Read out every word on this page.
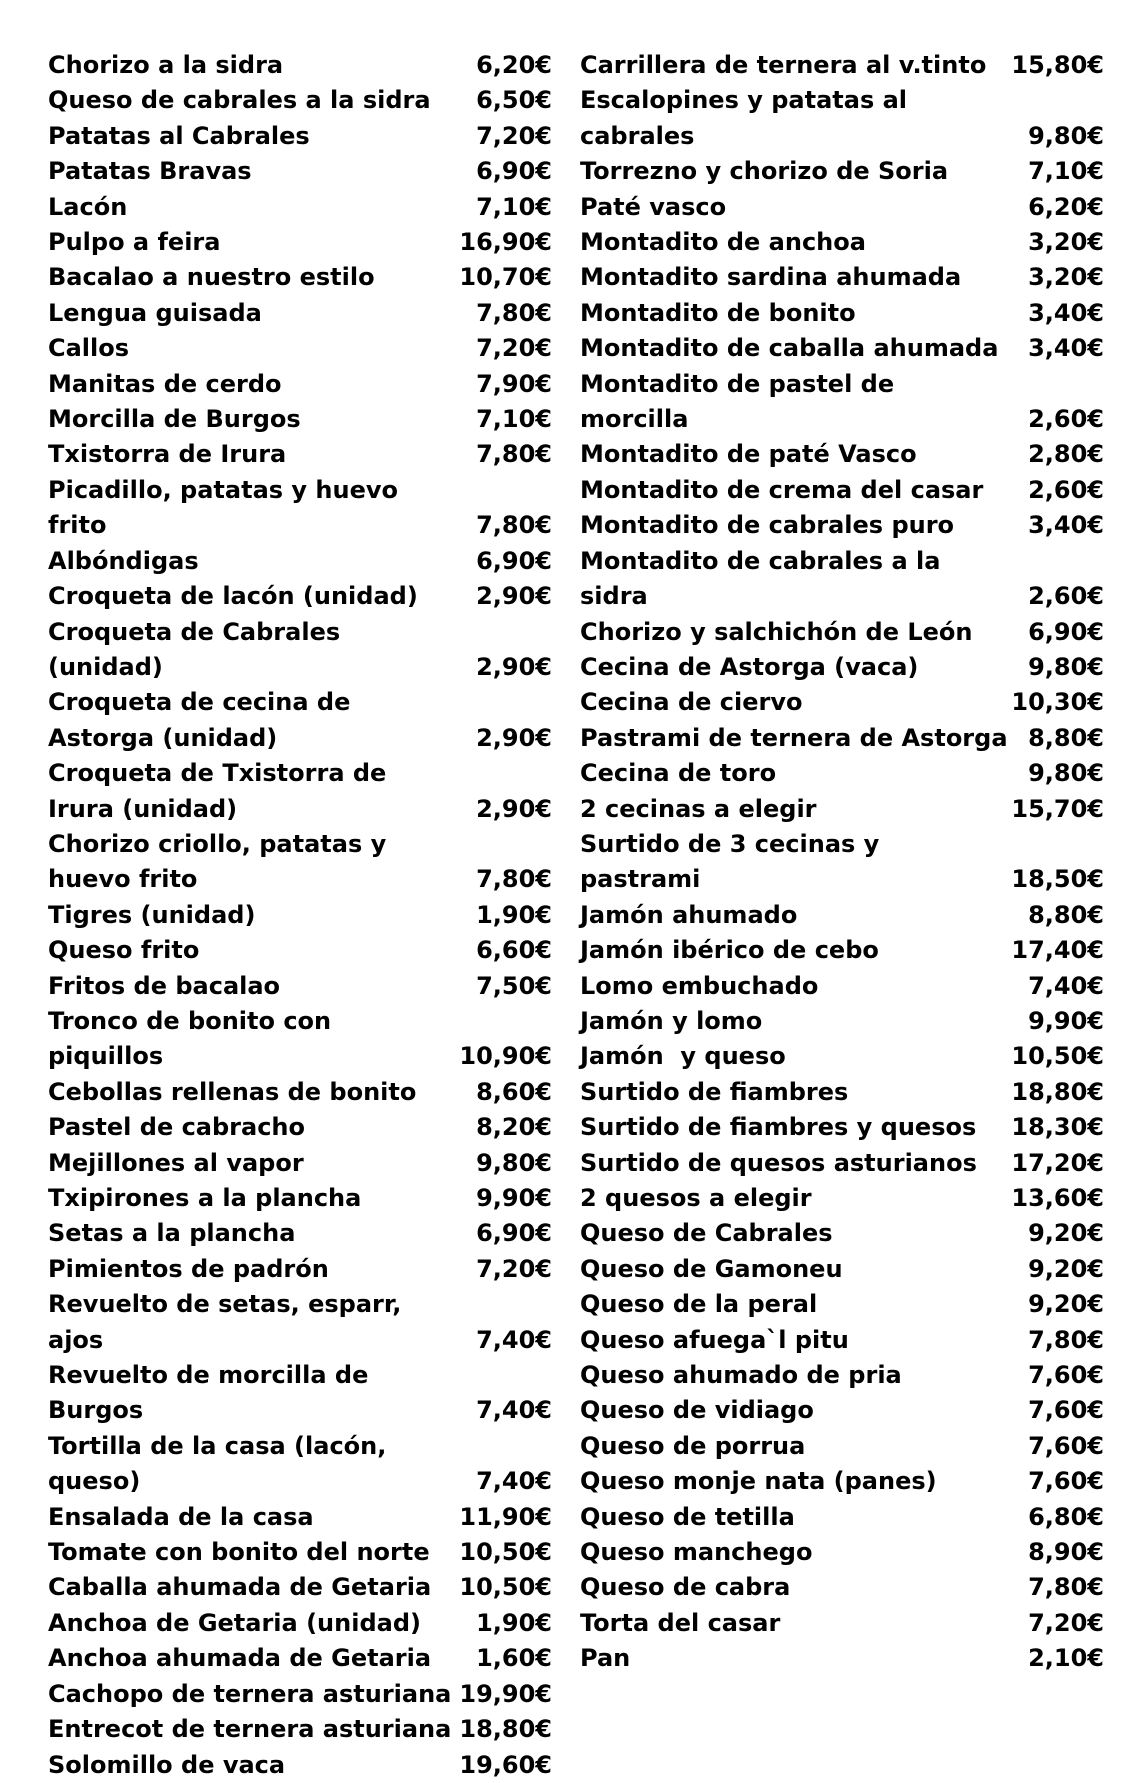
Chorizo a la sidra	6,20€
Queso de cabrales a la sidra	6,50€
Patatas al Cabrales	7,20€
Patatas Bravas	6,90€
Lacón	7,10€
Pulpo a feira	16,90€
Bacalao a nuestro estilo	10,70€
Lengua guisada	7,80€
Callos	7,20€
Manitas de cerdo	7,90€
Morcilla de Burgos	7,10€
Txistorra de Irura	7,80€
Picadillo, patatas y huevo frito	7,80€
Albóndigas	6,90€
Croqueta de lacón (unidad)	2,90€
Croqueta de Cabrales (unidad)	2,90€
Croqueta de cecina de
Astorga (unidad)	2,90€
Croqueta de Txistorra de
Irura (unidad)	2,90€
Chorizo criollo, patatas y
huevo frito	7,80€
Tigres (unidad)	1,90€
Queso frito	6,60€
Fritos de bacalao	7,50€
Tronco de bonito con piquillos	10,90€
Cebollas rellenas de bonito	8,60€
Pastel de cabracho	8,20€
Mejillones al vapor	9,80€
Txipirones a la plancha	9,90€
Setas a la plancha	6,90€
Pimientos de padrón	7,20€
Revuelto de setas, esparr, ajos	7,40€
Revuelto de morcilla de Burgos	7,40€
Tortilla de la casa (lacón, queso)	7,40€
Ensalada de la casa	11,90€
Tomate con bonito del norte	10,50€
Caballa ahumada de Getaria	10,50€
Anchoa de Getaria (unidad)	1,90€
Anchoa ahumada de Getaria	1,60€
Cachopo de ternera asturiana 19,90€
Entrecot de ternera asturiana 18,80€
Solomillo de vaca	19,60€
Carrillera de ternera al v.tinto	15,80€
Escalopines y patatas al cabrales	9,80€
Torrezno y chorizo de Soria	7,10€
Paté vasco	6,20€
Montadito de anchoa	3,20€
Montadito sardina ahumada	3,20€
Montadito de bonito	3,40€
Montadito de caballa ahumada	3,40€
Montadito de pastel de morcilla	2,60€
Montadito de paté Vasco	2,80€
Montadito de crema del casar	2,60€
Montadito de cabrales puro	3,40€
Montadito de cabrales a la sidra	2,60€
Chorizo y salchichón de León	6,90€
Cecina de Astorga (vaca)	9,80€
Cecina de ciervo	10,30€
Pastrami de ternera de Astorga 8,80€
Cecina de toro	9,80€
2 cecinas a elegir	15,70€
Surtido de 3 cecinas y pastrami	18,50€
Jamón ahumado	8,80€
Jamón ibérico de cebo	17,40€
Lomo embuchado	7,40€
Jamón y lomo	9,90€
Jamón  y queso	10,50€
Surtido de fiambres	18,80€
Surtido de fiambres y quesos	18,30€
Surtido de quesos asturianos	17,20€
2 quesos a elegir	13,60€
Queso de Cabrales	9,20€
Queso de Gamoneu	9,20€
Queso de la peral	9,20€
Queso afuega`l pitu	7,80€
Queso ahumado de pria	7,60€
Queso de vidiago	7,60€
Queso de porrua	7,60€
Queso monje nata (panes)	7,60€
Queso de tetilla	6,80€
Queso manchego	8,90€
Queso de cabra	7,80€
Torta del casar	7,20€
Pan	2,10€
